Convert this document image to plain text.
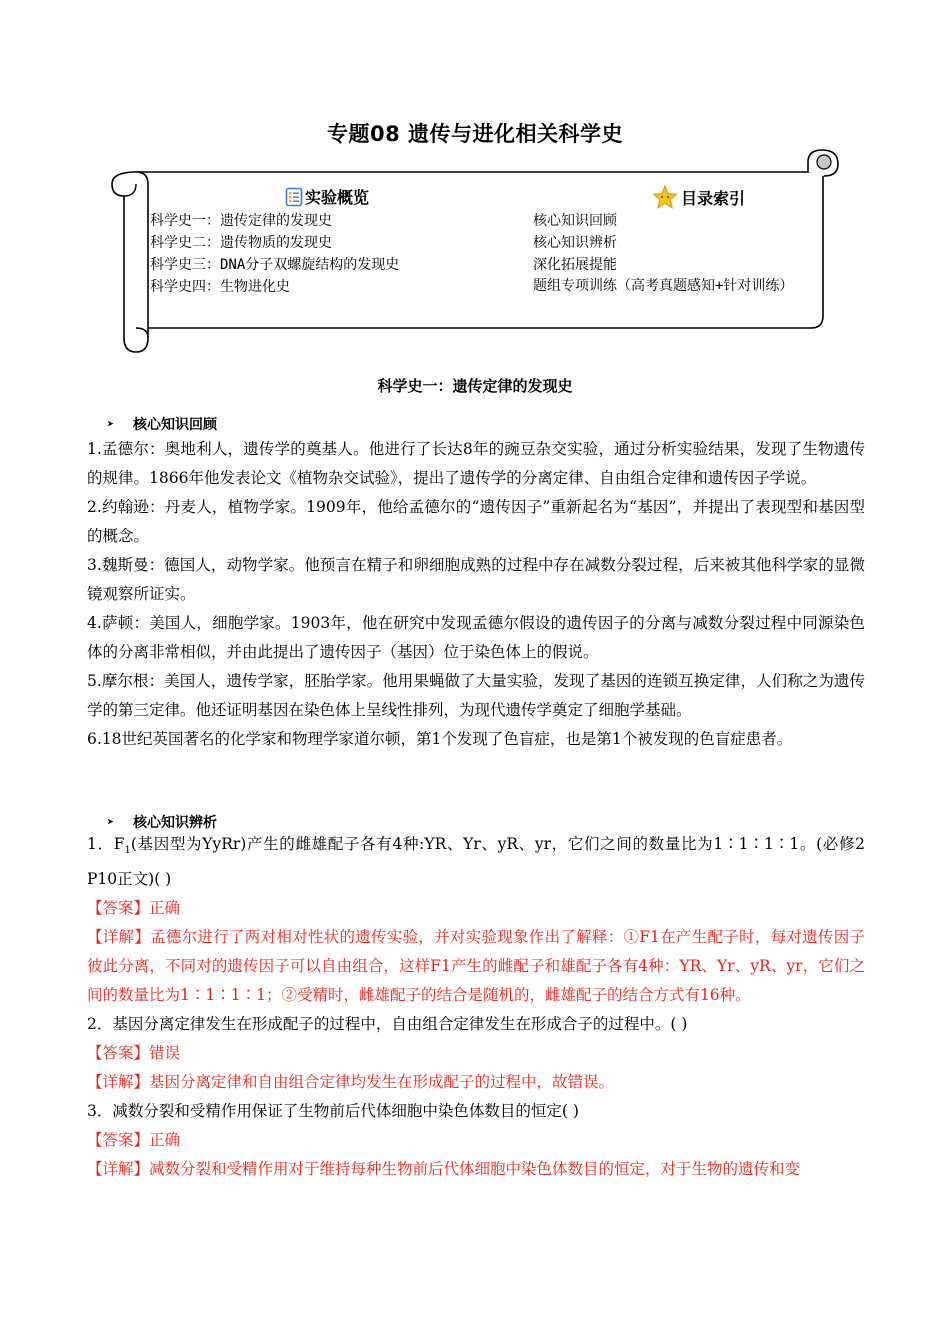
专题08 遗传与进化相关科学史
实验概览
科学史一：遗传定律的发现史
科学史二：遗传物质的发现史
科学史三：DNA分子双螺旋结构的发现史
科学史四：生物进化史
目录索引
核心知识回顾
核心知识辨析
深化拓展提能
题组专项训练（高考真题感知+针对训练）
科学史一：遗传定律的发现史
➤	核心知识回顾

1.孟德尔：奥地利人，遗传学的奠基人。他进行了长达8年的豌豆杂交实验，通过分析实验结果，发现了生物遗传的规律。1866年他发表论文《植物杂交试验》，提出了遗传学的分离定律、自由组合定律和遗传因子学说。

2.约翰逊：丹麦人，植物学家。1909年，他给孟德尔的“遗传因子”重新起名为“基因”，并提出了表现型和基因型的概念。

3.魏斯曼：德国人，动物学家。他预言在精子和卵细胞成熟的过程中存在减数分裂过程，后来被其他科学家的显微镜观察所证实。

4.萨顿：美国人，细胞学家。1903年，他在研究中发现孟德尔假设的遗传因子的分离与减数分裂过程中同源染色体的分离非常相似，并由此提出了遗传因子（基因）位于染色体上的假说。

5.摩尔根：美国人，遗传学家，胚胎学家。他用果蝇做了大量实验，发现了基因的连锁互换定律，人们称之为遗传学的第三定律。他还证明基因在染色体上呈线性排列，为现代遗传学奠定了细胞学基础。

6.18世纪英国著名的化学家和物理学家道尔顿，第1个发现了色盲症，也是第1个被发现的色盲症患者。

➤	核心知识辨析

1．$F_1$(基因型为YyRr)产生的雌雄配子各有4种:YR、Yr、yR、yr，它们之间的数量比为1∶1∶1∶1。(必修2 P10正文)( )

【答案】正确

【详解】孟德尔进行了两对相对性状的遗传实验，并对实验现象作出了解释：①F1在产生配子时，每对遗传因子彼此分离，不同对的遗传因子可以自由组合，这样F1产生的雌配子和雄配子各有4种：YR、Yr、yR、yr，它们之间的数量比为1∶1∶1∶1；②受精时，雌雄配子的结合是随机的，雌雄配子的结合方式有16种。

2．基因分离定律发生在形成配子的过程中，自由组合定律发生在形成合子的过程中。( )

【答案】错误

【详解】基因分离定律和自由组合定律均发生在形成配子的过程中，故错误。

3．减数分裂和受精作用保证了生物前后代体细胞中染色体数目的恒定( )

【答案】正确

【详解】减数分裂和受精作用对于维持每种生物前后代体细胞中染色体数目的恒定，对于生物的遗传和变
